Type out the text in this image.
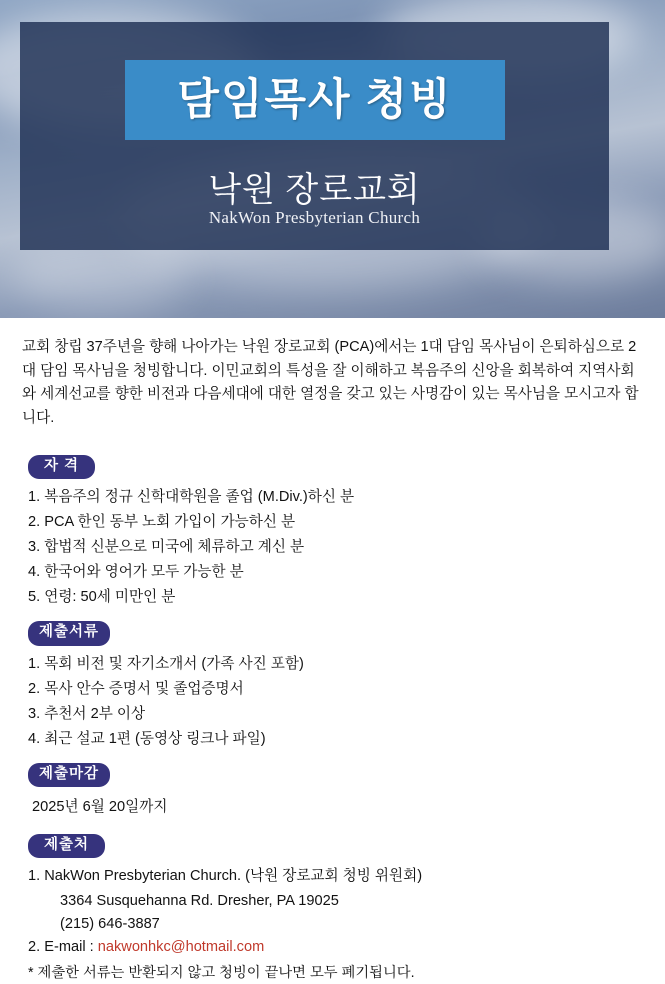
담임목사 청빙
낙원 장로교회
NakWon Presbyterian Church

교회 창립 37주년을 향해 나아가는 낙원 장로교회 (PCA)에서는 1대 담임 목사님이 은퇴하심으로 2대 담임 목사님을 청빙합니다. 이민교회의 특성을 잘 이해하고 복음주의 신앙을 회복하여 지역사회와 세계선교를 향한 비전과 다음세대에 대한 열정을 갖고 있는 사명감이 있는 목사님을 모시고자 합니다.

자 격
1. 복음주의 정규 신학대학원을 졸업 (M.Div.)하신 분
2. PCA 한인 동부 노회 가입이 가능하신 분
3. 합법적 신분으로 미국에 체류하고 계신 분
4. 한국어와 영어가 모두 가능한 분
5. 연령: 50세 미만인 분
제출서류
1. 목회 비전 및 자기소개서 (가족 사진 포함)
2. 목사 안수 증명서 및 졸업증명서
3. 추천서 2부 이상
4. 최근 설교 1편 (동영상 링크나 파일)
제출마감
2025년 6월 20일까지
제출처
1. NakWon Presbyterian Church. (낙원 장로교회 청빙 위원회)
3364 Susquehanna Rd. Dresher, PA 19025
(215) 646-3887
2. E-mail : nakwonhkc@hotmail.com
* 제출한 서류는 반환되지 않고 청빙이 끝나면 모두 폐기됩니다.
